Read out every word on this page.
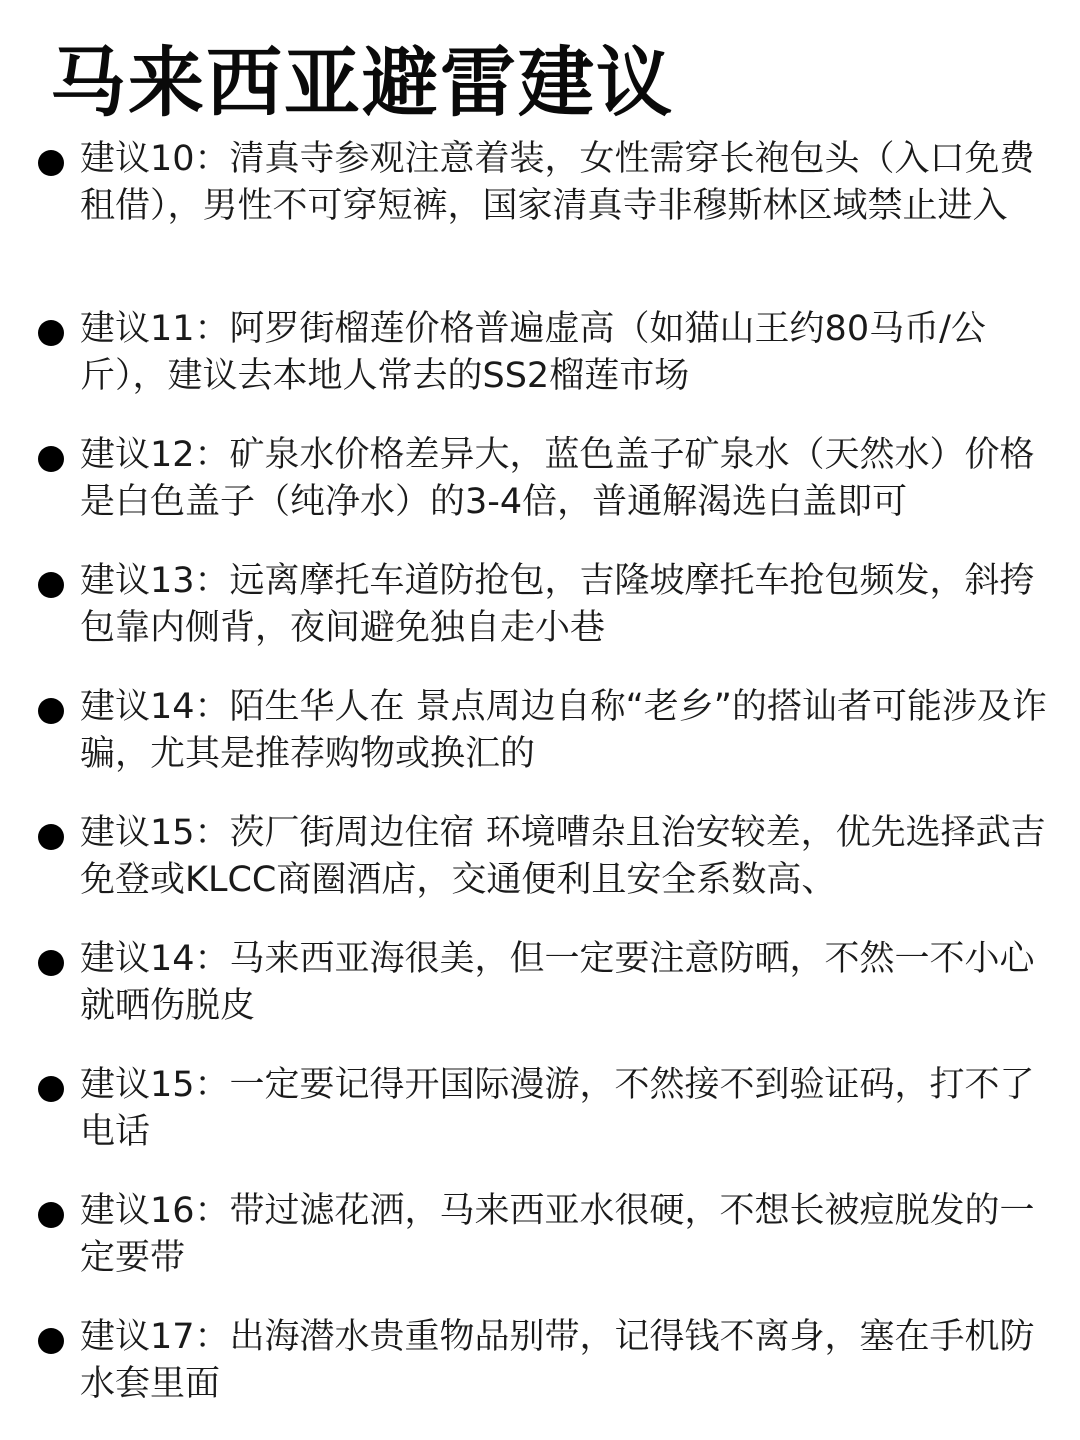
马来西亚避雷建议

建议10：清真寺参观注意着装，女性需穿长袍包头（入口免费租借），男性不可穿短裤，国家清真寺非穆斯林区域禁止进入

建议11：阿罗街榴莲价格普遍虚高（如猫山王约80马币/公斤），建议去本地人常去的SS2榴莲市场

建议12：矿泉水价格差异大，蓝色盖子矿泉水（天然水）价格是白色盖子（纯净水）的3-4倍，普通解渴选白盖即可

建议13：远离摩托车道防抢包，吉隆坡摩托车抢包频发，斜挎包靠内侧背，夜间避免独自走小巷

建议14：陌生华人在 景点周边自称“老乡”的搭讪者可能涉及诈骗，尤其是推荐购物或换汇的

建议15：茨厂街周边住宿 环境嘈杂且治安较差，优先选择武吉免登或KLCC商圈酒店，交通便利且安全系数高、

建议14：马来西亚海很美，但一定要注意防晒，不然一不小心就晒伤脱皮

建议15：一定要记得开国际漫游，不然接不到验证码，打不了电话

建议16：带过滤花洒，马来西亚水很硬，不想长被痘脱发的一定要带

建议17：出海潜水贵重物品别带，记得钱不离身，塞在手机防水套里面
